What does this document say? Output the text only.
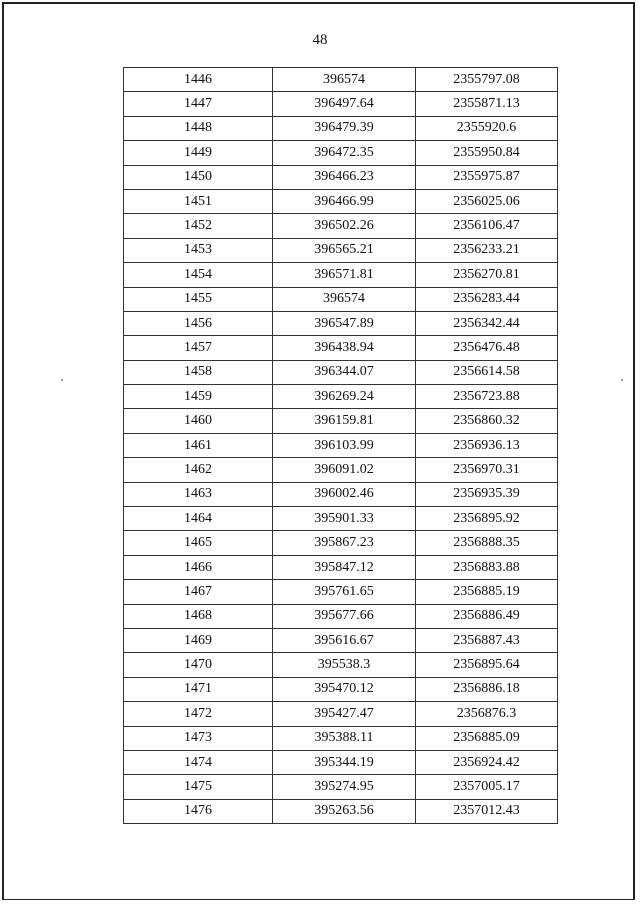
48
1446	396574	2355797.08
1447	396497.64	2355871.13
1448	396479.39	2355920.6
1449	396472.35	2355950.84
1450	396466.23	2355975.87
1451	396466.99	2356025.06
1452	396502.26	2356106.47
1453	396565.21	2356233.21
1454	396571.81	2356270.81
1455	396574	2356283.44
1456	396547.89	2356342.44
1457	396438.94	2356476.48
1458	396344.07	2356614.58
1459	396269.24	2356723.88
1460	396159.81	2356860.32
1461	396103.99	2356936.13
1462	396091.02	2356970.31
1463	396002.46	2356935.39
1464	395901.33	2356895.92
1465	395867.23	2356888.35
1466	395847.12	2356883.88
1467	395761.65	2356885.19
1468	395677.66	2356886.49
1469	395616.67	2356887.43
1470	395538.3	2356895.64
1471	395470.12	2356886.18
1472	395427.47	2356876.3
1473	395388.11	2356885.09
1474	395344.19	2356924.42
1475	395274.95	2357005.17
1476	395263.56	2357012.43
